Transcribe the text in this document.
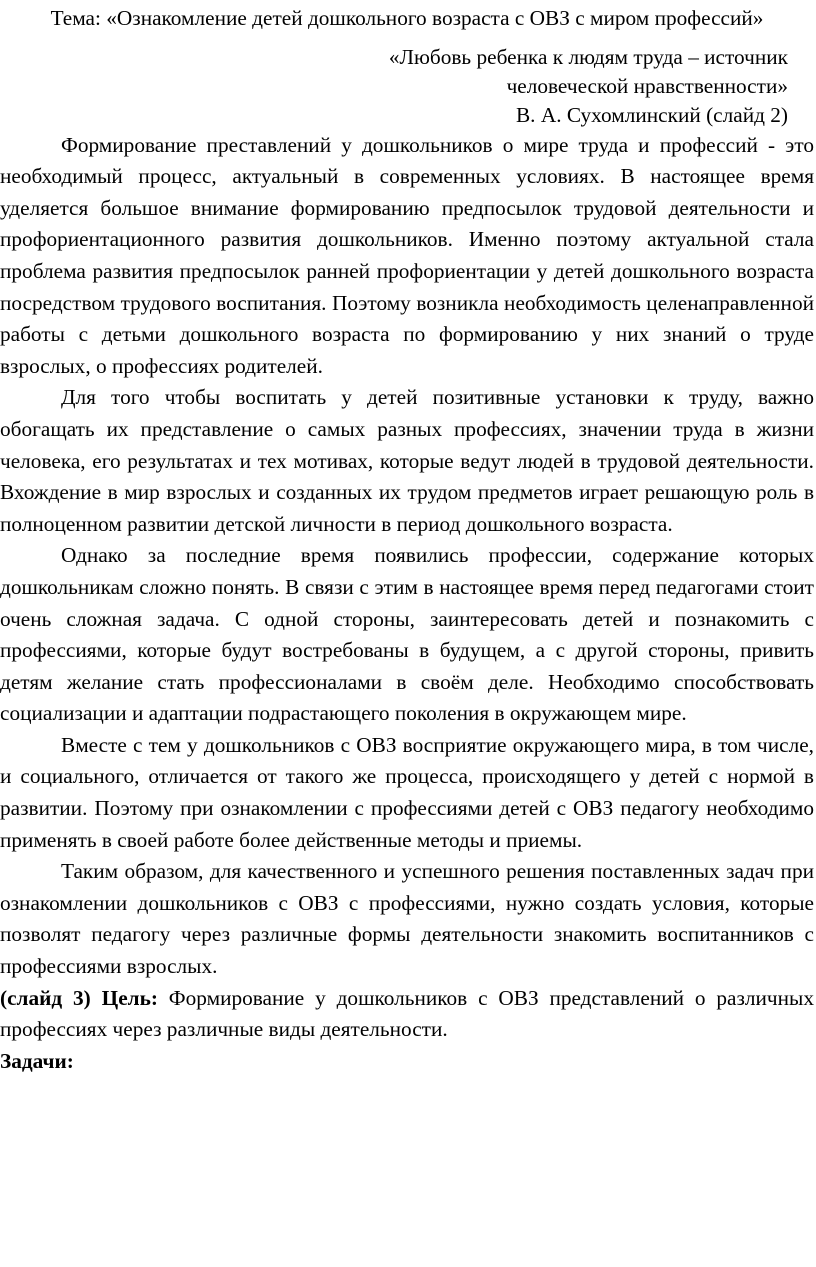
Тема: «Ознакомление детей дошкольного возраста с ОВЗ с миром профессий»
«Любовь ребенка к людям труда – источник
человеческой нравственности»
В. А. Сухомлинский (слайд 2)

Формирование преставлений у дошкольников о мире труда и профессий - это необходимый процесс, актуальный в современных условиях. В настоящее время уделяется большое внимание формированию предпосылок трудовой деятельности и профориентационного развития дошкольников. Именно поэтому актуальной стала проблема развития предпосылок ранней профориентации у детей дошкольного возраста посредством трудового воспитания. Поэтому возникла необходимость целенаправленной работы с детьми дошкольного возраста по формированию у них знаний о труде взрослых, о профессиях родителей.

Для того чтобы воспитать у детей позитивные установки к труду, важно обогащать их представление о самых разных профессиях, значении труда в жизни человека, его результатах и тех мотивах, которые ведут людей в трудовой деятельности. Вхождение в мир взрослых и созданных их трудом предметов играет решающую роль в полноценном развитии детской личности в период дошкольного возраста.

Однако за последние время появились профессии, содержание которых дошкольникам сложно понять. В связи с этим в настоящее время перед педагогами стоит очень сложная задача. С одной стороны, заинтересовать детей и познакомить с профессиями, которые будут востребованы в будущем, а с другой стороны, привить детям желание стать профессионалами в своём деле. Необходимо способствовать социализации и адаптации подрастающего поколения в окружающем мире.

Вместе с тем у дошкольников с ОВЗ восприятие окружающего мира, в том числе, и социального, отличается от такого же процесса, происходящего у детей с нормой в развитии. Поэтому при ознакомлении с профессиями детей с ОВЗ педагогу необходимо применять в своей работе более действенные методы и приемы.

Таким образом, для качественного и успешного решения поставленных задач при ознакомлении дошкольников с ОВЗ с профессиями, нужно создать условия, которые позволят педагогу через различные формы деятельности знакомить воспитанников с профессиями взрослых.

(слайд 3) Цель: Формирование у дошкольников с ОВЗ представлений о различных профессиях через различные виды деятельности.

Задачи:
